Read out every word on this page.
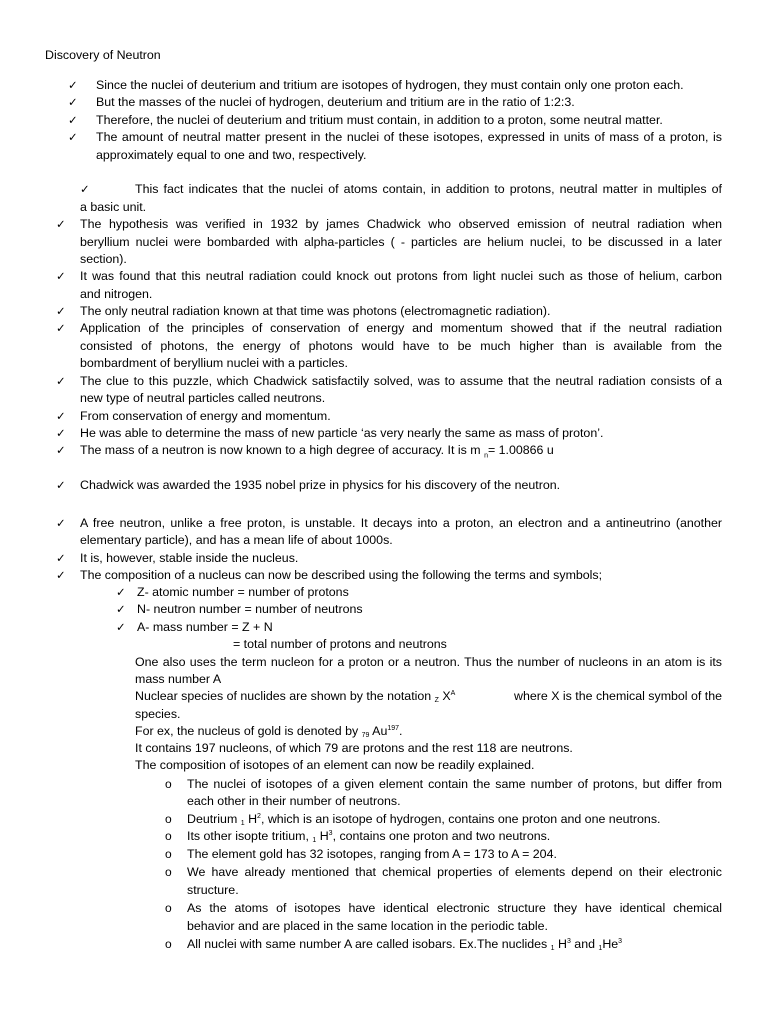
Discovery of Neutron
✓ Since the nuclei of deuterium and tritium are isotopes of hydrogen, they must contain only one proton each.
✓ But the masses of the nuclei of hydrogen, deuterium and tritium are in the ratio of 1:2:3.
✓ Therefore, the nuclei of deuterium and tritium must contain, in addition to a proton, some neutral matter.
✓ The amount of neutral matter present in the nuclei of these isotopes, expressed in units of mass of a proton, is
approximately equal to one and two, respectively.
✓	This fact indicates that the nuclei of atoms contain, in addition to protons, neutral matter in multiples of
a basic unit.
✓ The hypothesis was verified in 1932 by james Chadwick who observed emission of neutral radiation when
beryllium nuclei were bombarded with alpha-particles ( - particles are helium nuclei, to be discussed in a later
section).
✓ It was found that this neutral radiation could knock out protons from light nuclei such as those of helium, carbon
and nitrogen.
✓ The only neutral radiation known at that time was photons (electromagnetic radiation).
✓ Application of the principles of conservation of energy and momentum showed that if the neutral radiation
consisted of photons, the energy of photons would have to be much higher than is available from the
bombardment of beryllium nuclei with a particles.
✓ The clue to this puzzle, which Chadwick satisfactily solved, was to assume that the neutral radiation consists of a
new type of neutral particles called neutrons.
✓ From conservation of energy and momentum.
✓ He was able to determine the mass of new particle ‘as very nearly the same as mass of proton’.
✓ The mass of a neutron is now known to a high degree of accuracy. It is m $_n$= 1.00866 u
✓ Chadwick was awarded the 1935 nobel prize in physics for his discovery of the neutron.
✓ A free neutron, unlike a free proton, is unstable. It decays into a proton, an electron and a antineutrino (another
elementary particle), and has a mean life of about 1000s.
✓ It is, however, stable inside the nucleus.
✓ The composition of a nucleus can now be described using the following the terms and symbols;
✓ Z- atomic number = number of protons
✓ N- neutron number = number of neutrons
✓ A- mass number = Z + N
= total number of protons and neutrons
One also uses the term nucleon for a proton or a neutron. Thus the number of nucleons in an atom is its
mass number A
Nuclear species of nuclides are shown by the notation Z $X^A$	where X is the chemical symbol of the
species.
For ex, the nucleus of gold is denoted by 79 Au$^{197}$.
It contains 197 nucleons, of which 79 are protons and the rest 118 are neutrons.
The composition of isotopes of an element can now be readily explained.
o The nuclei of isotopes of a given element contain the same number of protons, but differ from
each other in their number of neutrons.
o Deutrium 1 $H^2$, which is an isotope of hydrogen, contains one proton and one neutrons.
o Its other isopte tritium, 1 $H^3$, contains one proton and two neutrons.
o The element gold has 32 isotopes, ranging from A = 173 to A = 204.
o We have already mentioned that chemical properties of elements depend on their electronic
structure.
o As the atoms of isotopes have identical electronic structure they have identical chemical
behavior and are placed in the same location in the periodic table.
o All nuclei with same number A are called isobars. Ex.The nuclides 1 $H^3$ and 1He$^3$
